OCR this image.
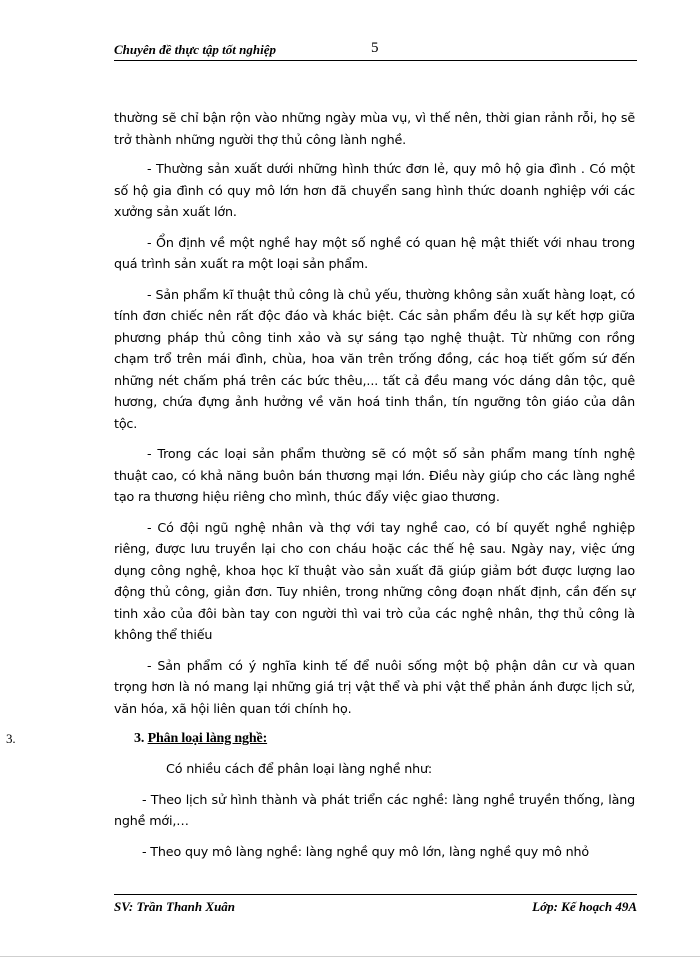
Chuyên đề thực tập tốt nghiệp	5

thường sẽ chỉ bận rộn vào những ngày mùa vụ, vì thế nên, thời gian rảnh rỗi, họ sẽ trở thành những người thợ thủ công lành nghề.

- Thường sản xuất dưới những hình thức đơn lẻ, quy mô hộ gia đình . Có một số hộ gia đình có quy mô lớn hơn đã chuyển sang hình thức doanh nghiệp với các xưởng sản xuất lớn.

- Ổn định về một nghề hay một số nghề có quan hệ mật thiết với nhau trong quá trình sản xuất ra một loại sản phẩm.

- Sản phẩm kĩ thuật thủ công là chủ yếu, thường không sản xuất hàng loạt, có tính đơn chiếc nên rất độc đáo và khác biệt. Các sản phẩm đều là sự kết hợp giữa phương pháp thủ công tinh xảo và sự sáng tạo nghệ thuật. Từ những con rồng chạm trổ trên mái đình, chùa, hoa văn trên trống đồng, các hoạ tiết gốm sứ đến những nét chấm phá trên các bức thêu,... tất cả đều mang vóc dáng dân tộc, quê hương, chứa đựng ảnh hưởng về văn hoá tinh thần, tín ngưỡng tôn giáo của dân tộc.

- Trong các loại sản phẩm thường sẽ có một số sản phẩm mang tính nghệ thuật cao, có khả năng buôn bán thương mại lớn. Điều này giúp cho các làng nghề tạo ra thương hiệu riêng cho mình, thúc đẩy việc giao thương.

- Có đội ngũ nghệ nhân và thợ với tay nghề cao, có bí quyết nghề nghiệp riêng, được lưu truyền lại cho con cháu hoặc các thế hệ sau. Ngày nay, việc ứng dụng công nghệ, khoa học kĩ thuật vào sản xuất đã giúp giảm bớt được lượng lao động thủ công, giản đơn. Tuy nhiên, trong những công đoạn nhất định, cần đến sự tinh xảo của đôi bàn tay con người thì vai trò của các nghệ nhân, thợ thủ công là không thể thiếu

- Sản phẩm có ý nghĩa kinh tế để nuôi sống một bộ phận dân cư và quan trọng hơn là nó mang lại những giá trị vật thể và phi vật thể phản ánh được lịch sử, văn hóa, xã hội liên quan tới chính họ.

3.	3. Phân loại làng nghề:

Có nhiều cách để phân loại làng nghề như:

- Theo lịch sử hình thành và phát triển các nghề: làng nghề truyền thống, làng nghề mới,…

- Theo quy mô làng nghề: làng nghề quy mô lớn, làng nghề quy mô nhỏ

SV: Trần Thanh Xuân	Lớp: Kế hoạch 49A
